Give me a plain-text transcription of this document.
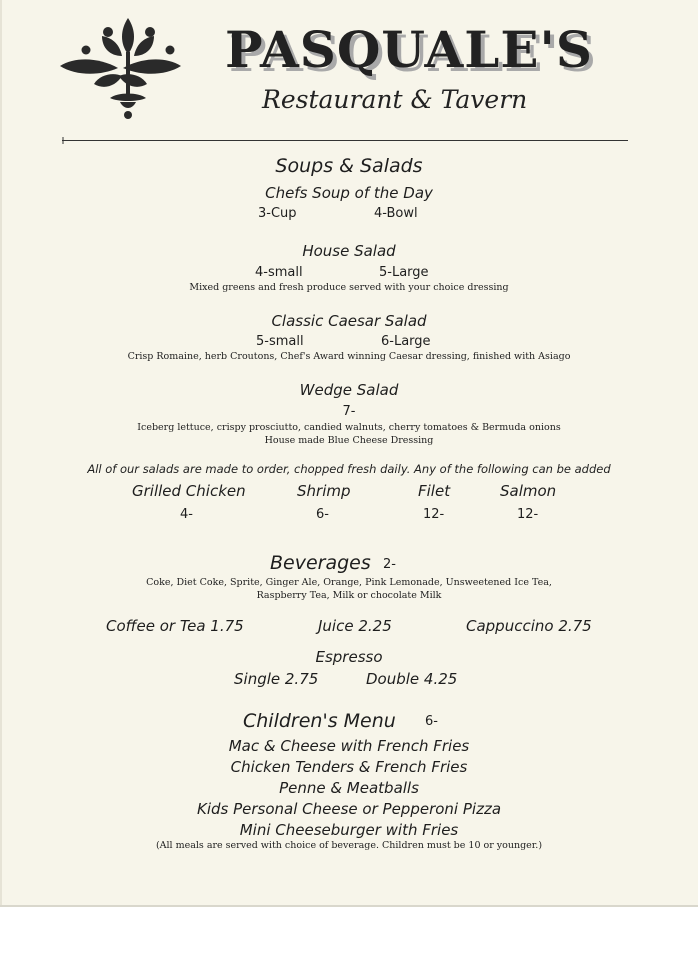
PASQUALE'S
Restaurant & Tavern
Soups & Salads
Chefs Soup of the Day
3-Cup	4-Bowl
House Salad
4-small	5-Large
Mixed greens and fresh produce served with your choice dressing
Classic Caesar Salad
5-small	6-Large
Crisp Romaine, herb Croutons, Chef's Award winning Caesar dressing, finished with Asiago
Wedge Salad
7-
Iceberg lettuce, crispy prosciutto, candied walnuts, cherry tomatoes & Bermuda onions
House made Blue Cheese Dressing
All of our salads are made to order, chopped fresh daily. Any of the following can be added
Grilled Chicken	Shrimp	Filet	Salmon
4-	6-	12-	12-
Beverages 2-
Coke, Diet Coke, Sprite, Ginger Ale, Orange, Pink Lemonade, Unsweetened Ice Tea,
Raspberry Tea, Milk or chocolate Milk
Coffee or Tea 1.75	Juice 2.25	Cappuccino 2.75
Espresso
Single 2.75	Double 4.25
Children's Menu 6-
Mac & Cheese with French Fries
Chicken Tenders & French Fries
Penne & Meatballs
Kids Personal Cheese or Pepperoni Pizza
Mini Cheeseburger with Fries
(All meals are served with choice of beverage. Children must be 10 or younger.)
